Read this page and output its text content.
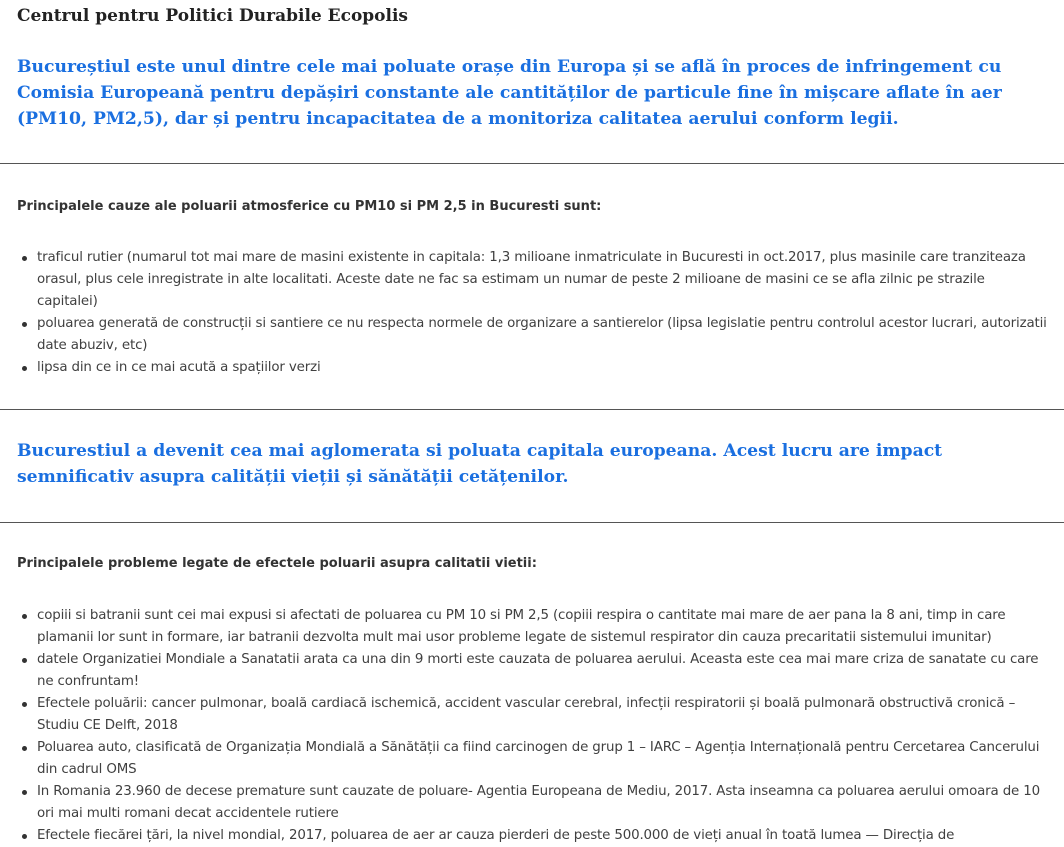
Centrul pentru Politici Durabile Ecopolis
Bucureștiul este unul dintre cele mai poluate orașe din Europa și se află în proces de infringement cu Comisia Europeană pentru depășiri constante ale cantităților de particule fine în mișcare aflate în aer (PM10, PM2,5), dar și pentru incapacitatea de a monitoriza calitatea aerului conform legii.

Principalele cauze ale poluarii atmosferice cu PM10 si PM 2,5 in Bucuresti sunt:

traficul rutier (numarul tot mai mare de masini existente in capitala: 1,3 milioane inmatriculate in Bucuresti in oct.2017, plus masinile care tranziteaza orasul, plus cele inregistrate in alte localitati. Aceste date ne fac sa estimam un numar de peste 2 milioane de masini ce se afla zilnic pe strazile capitalei)
poluarea generată de construcții si santiere ce nu respecta normele de organizare a santierelor (lipsa legislatie pentru controlul acestor lucrari, autorizatii date abuziv, etc)
lipsa din ce in ce mai acută a spațiilor verzi
Bucurestiul a devenit cea mai aglomerata si poluata capitala europeana. Acest lucru are impact semnificativ asupra calității vieții și sănătății cetățenilor.

Principalele probleme legate de efectele poluarii asupra calitatii vietii:

copiii si batranii sunt cei mai expusi si afectati de poluarea cu PM 10 si PM 2,5 (copiii respira o cantitate mai mare de aer pana la 8 ani, timp in care plamanii lor sunt in formare, iar batranii dezvolta mult mai usor probleme legate de sistemul respirator din cauza precaritatii sistemului imunitar)
datele Organizatiei Mondiale a Sanatatii arata ca una din 9 morti este cauzata de poluarea aerului. Aceasta este cea mai mare criza de sanatate cu care ne confruntam!
Efectele poluării: cancer pulmonar, boală cardiacă ischemică, accident vascular cerebral, infecții respiratorii și boală pulmonară obstructivă cronică – Studiu CE Delft, 2018
Poluarea auto, clasificată de Organizația Mondială a Sănătății ca fiind carcinogen de grup 1 – IARC – Agenția Internațională pentru Cercetarea Cancerului din cadrul OMS
In Romania 23.960 de decese premature sunt cauzate de poluare- Agentia Europeana de Mediu, 2017. Asta inseamna ca poluarea aerului omoara de 10 ori mai multi romani decat accidentele rutiere
Efectele fiecărei țări, la nivel mondial, 2017, poluarea de aer ar cauza pierderi de peste 500.000 de vieți anual în toată lumea — Direcția de
